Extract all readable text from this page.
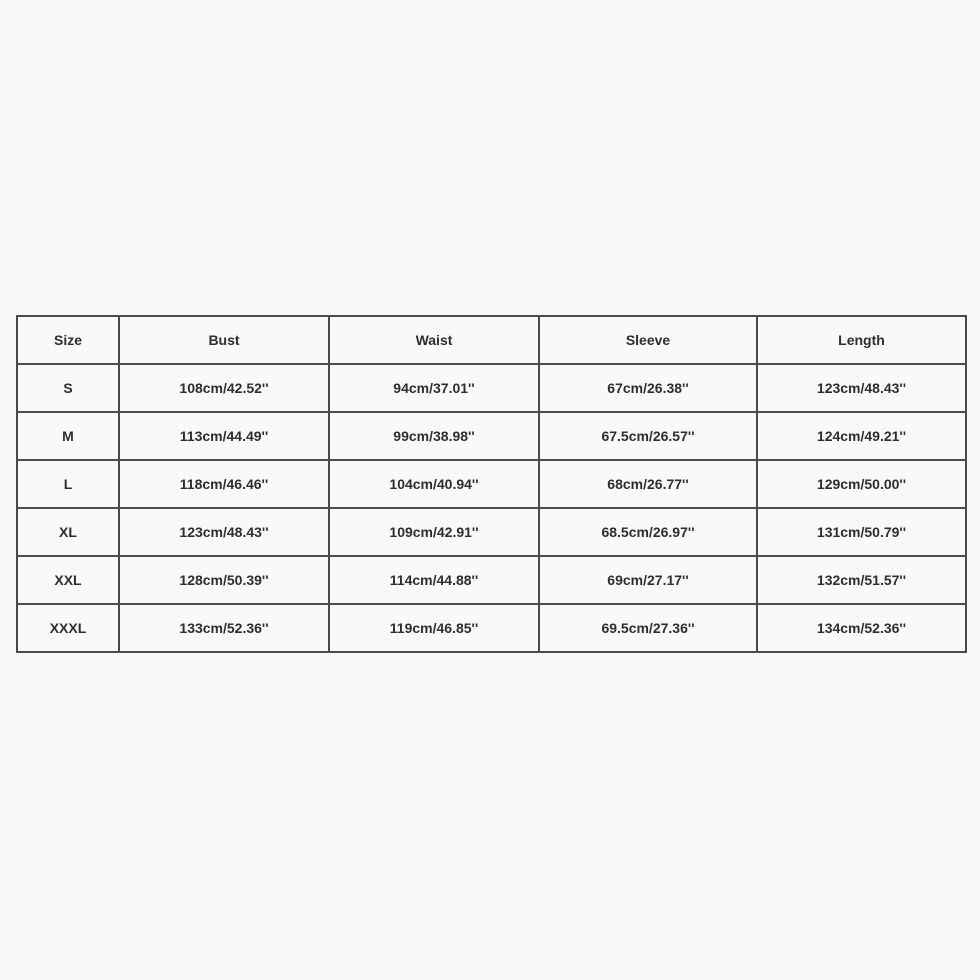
Size	Bust	Waist	Sleeve	Length
S	108cm/42.52''	94cm/37.01''	67cm/26.38''	123cm/48.43''
M	113cm/44.49''	99cm/38.98''	67.5cm/26.57''	124cm/49.21''
L	118cm/46.46''	104cm/40.94''	68cm/26.77''	129cm/50.00''
XL	123cm/48.43''	109cm/42.91''	68.5cm/26.97''	131cm/50.79''
XXL	128cm/50.39''	114cm/44.88''	69cm/27.17''	132cm/51.57''
XXXL	133cm/52.36''	119cm/46.85''	69.5cm/27.36''	134cm/52.36''
